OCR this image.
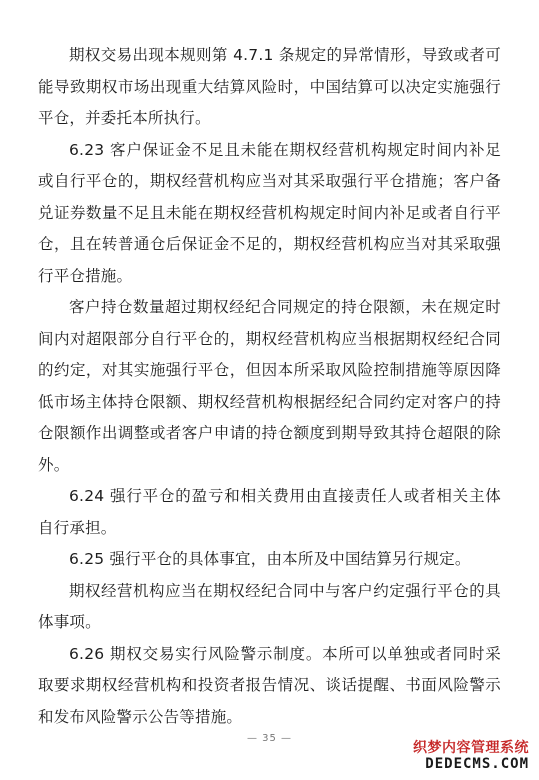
期权交易出现本规则第 4.7.1 条规定的异常情形，导致或者可能导致期权市场出现重大结算风险时，中国结算可以决定实施强行平仓，并委托本所执行。

6.23 客户保证金不足且未能在期权经营机构规定时间内补足或自行平仓的，期权经营机构应当对其采取强行平仓措施；客户备兑证券数量不足且未能在期权经营机构规定时间内补足或者自行平仓，且在转普通仓后保证金不足的，期权经营机构应当对其采取强行平仓措施。

客户持仓数量超过期权经纪合同规定的持仓限额，未在规定时间内对超限部分自行平仓的，期权经营机构应当根据期权经纪合同的约定，对其实施强行平仓，但因本所采取风险控制措施等原因降低市场主体持仓限额、期权经营机构根据经纪合同约定对客户的持仓限额作出调整或者客户申请的持仓额度到期导致其持仓超限的除外。

6.24 强行平仓的盈亏和相关费用由直接责任人或者相关主体自行承担。

6.25 强行平仓的具体事宜，由本所及中国结算另行规定。

期权经营机构应当在期权经纪合同中与客户约定强行平仓的具体事项。

6.26 期权交易实行风险警示制度。本所可以单独或者同时采取要求期权经营机构和投资者报告情况、谈话提醒、书面风险警示和发布风险警示公告等措施。

— 35 —
织梦内容管理系统
DEDECMS.COM
